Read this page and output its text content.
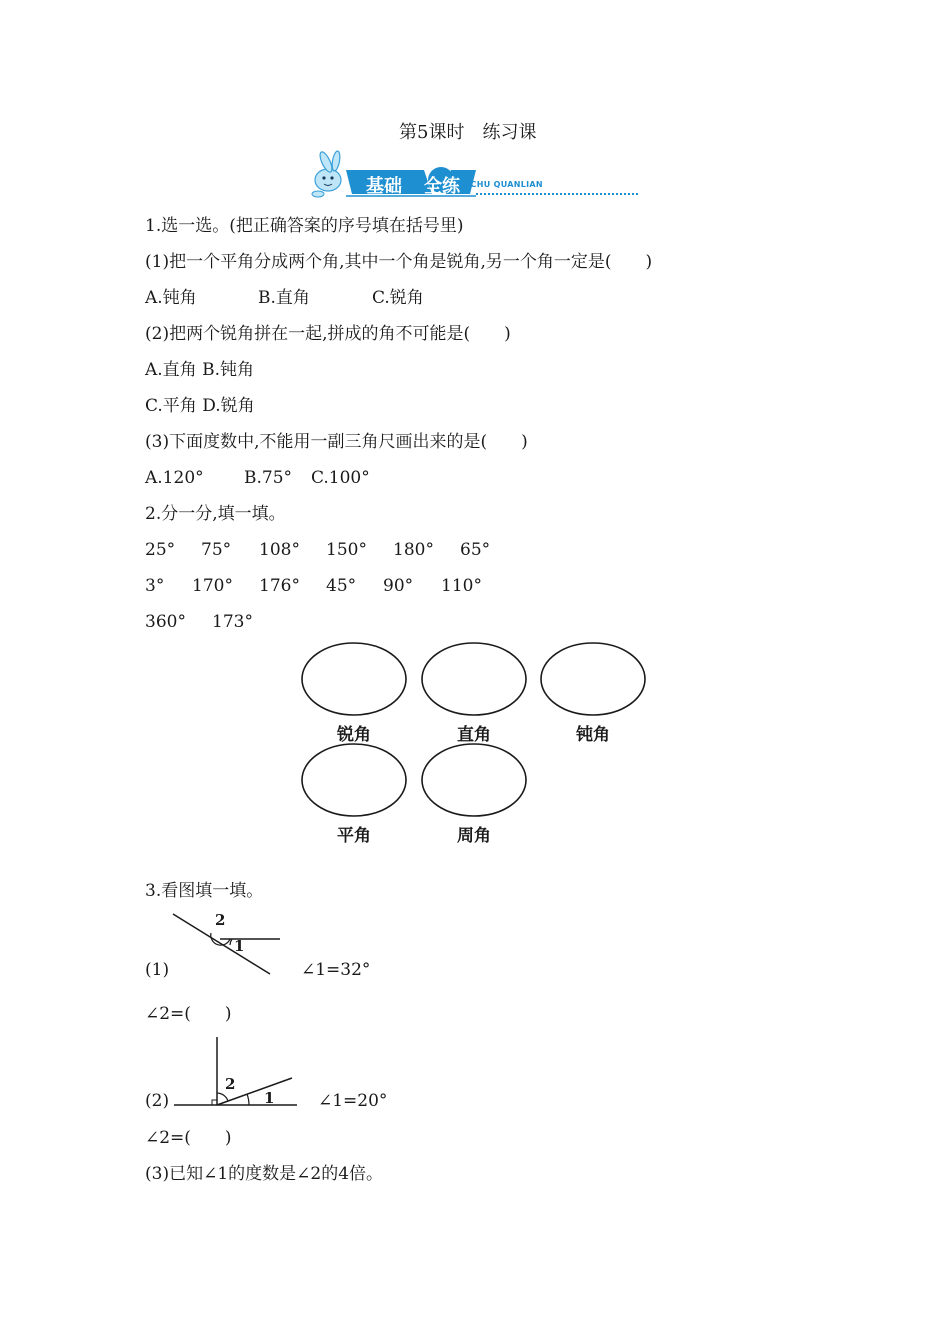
第5课时　练习课
基础 全练 JICHU QUANLIAN
1.选一选。(把正确答案的序号填在括号里)
(1)把一个平角分成两个角,其中一个角是锐角,另一个角一定是(　　)
A.钝角	B.直角	C.锐角
(2)把两个锐角拼在一起,拼成的角不可能是(　　)
A.直角 B.钝角
C.平角 D.锐角
(3)下面度数中,不能用一副三角尺画出来的是(　　)
A.120° B.75° C.100°
2.分一分,填一填。
25° 75° 108° 150° 180° 65°
3° 170° 176° 45° 90° 110°
360° 173°
锐角	直角	钝角
平角	周角
3.看图填一填。
2
1
(1)	∠1=32°
∠2=(　　)
2
1
(2)	∠1=20°
∠2=(　　)
(3)已知∠1的度数是∠2的4倍。
